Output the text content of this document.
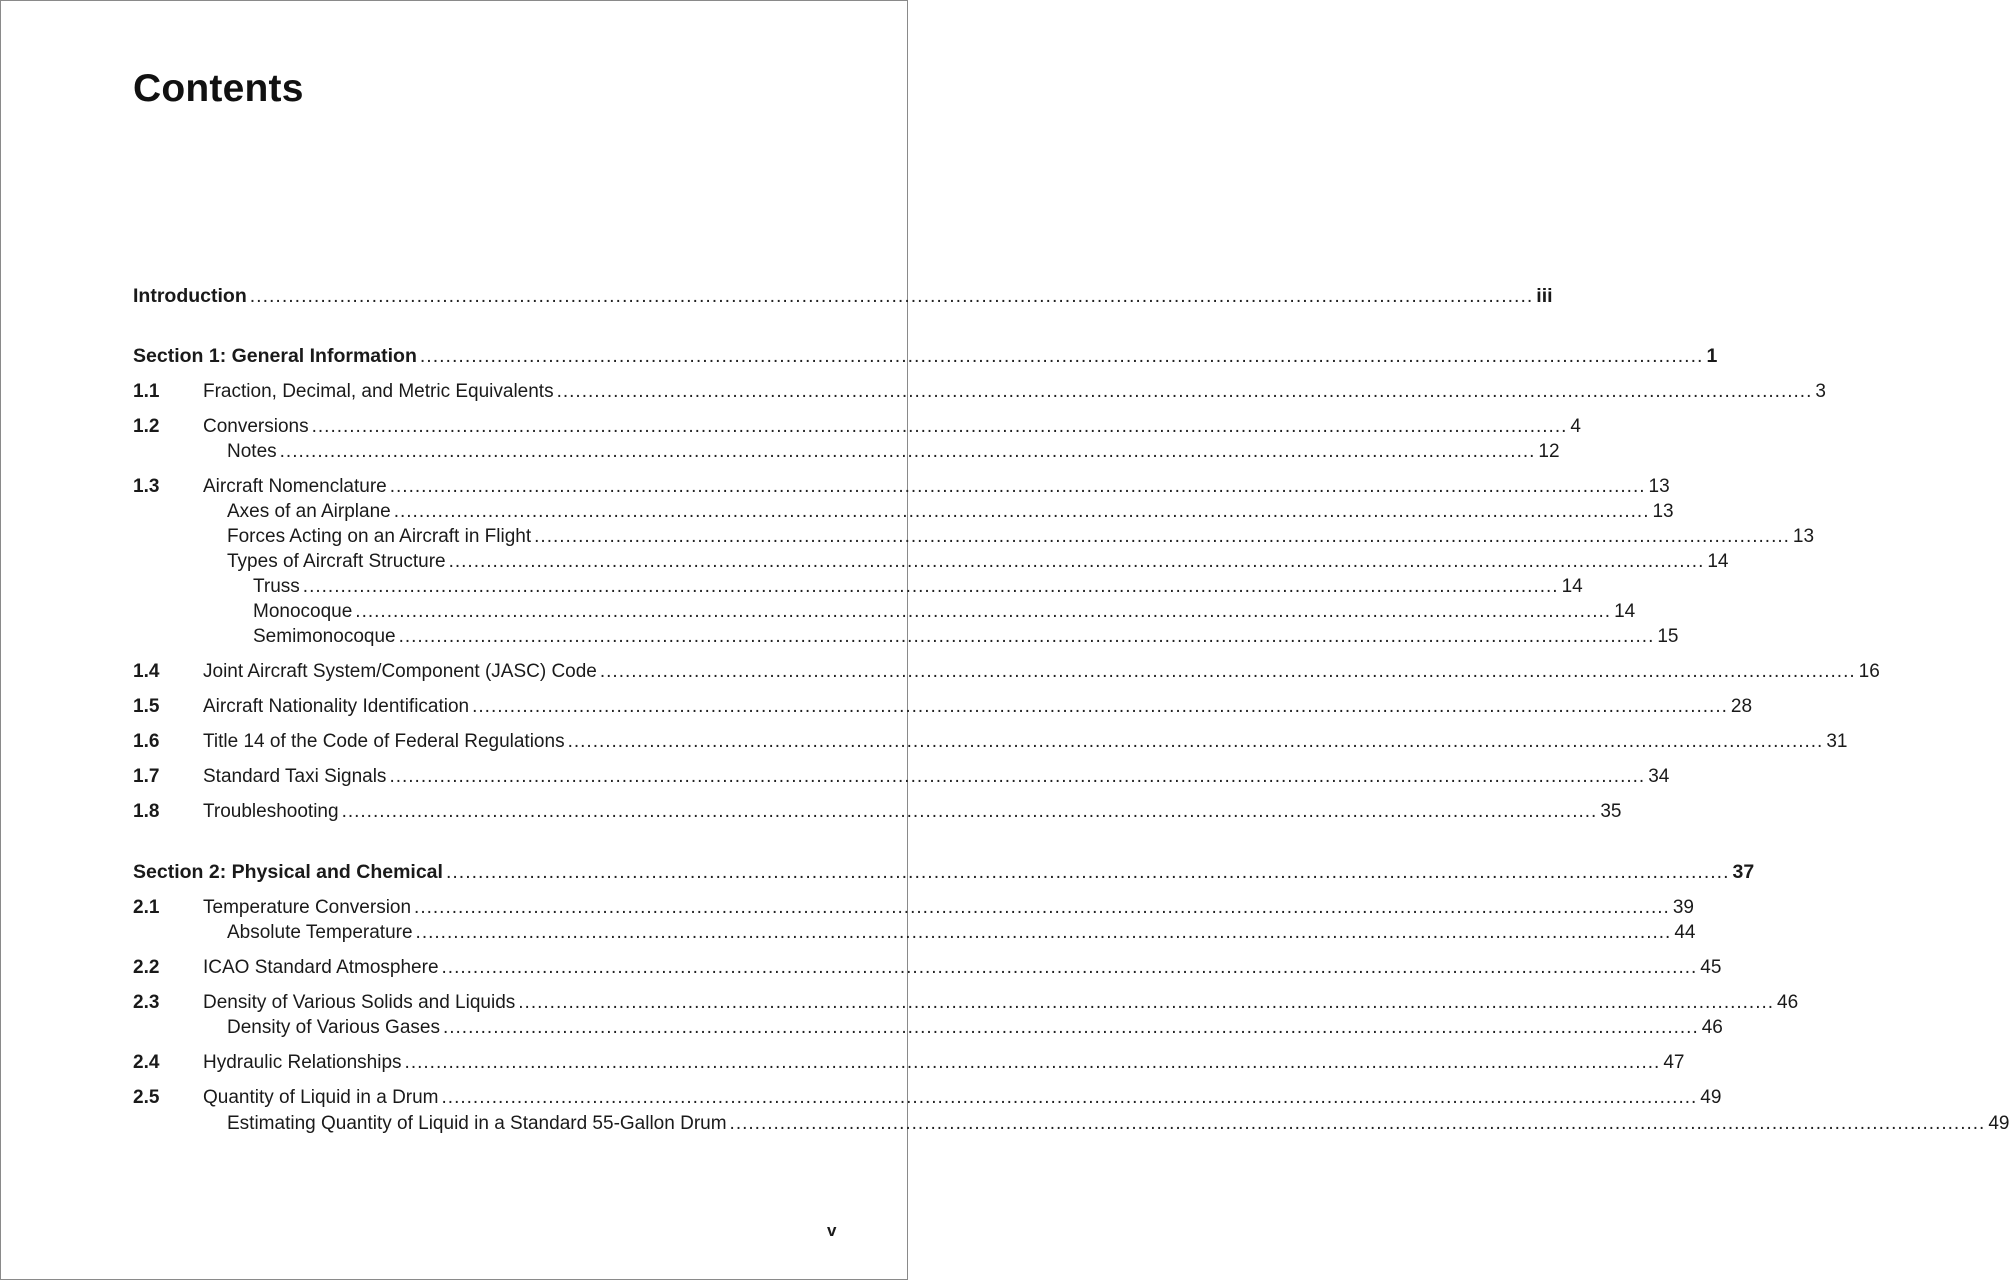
Contents
Introduction ........................................................................................................................................................................................................ iii
Section 1: General Information ........................................................................................................................................................................................................ 1
1.1	Fraction, Decimal, and Metric Equivalents ........................................................................................................................................................................................................ 3
1.2	Conversions ........................................................................................................................................................................................................ 4
Notes ........................................................................................................................................................................................................ 12
1.3	Aircraft Nomenclature ........................................................................................................................................................................................................ 13
Axes of an Airplane ........................................................................................................................................................................................................ 13
Forces Acting on an Aircraft in Flight ........................................................................................................................................................................................................ 13
Types of Aircraft Structure ........................................................................................................................................................................................................ 14
Truss ........................................................................................................................................................................................................ 14
Monocoque ........................................................................................................................................................................................................ 14
Semimonocoque ........................................................................................................................................................................................................ 15
1.4	Joint Aircraft System/Component (JASC) Code ........................................................................................................................................................................................................ 16
1.5	Aircraft Nationality Identification ........................................................................................................................................................................................................ 28
1.6	Title 14 of the Code of Federal Regulations ........................................................................................................................................................................................................ 31
1.7	Standard Taxi Signals ........................................................................................................................................................................................................ 34
1.8	Troubleshooting ........................................................................................................................................................................................................ 35
Section 2: Physical and Chemical ........................................................................................................................................................................................................ 37
2.1	Temperature Conversion ........................................................................................................................................................................................................ 39
Absolute Temperature ........................................................................................................................................................................................................ 44
2.2	ICAO Standard Atmosphere ........................................................................................................................................................................................................ 45
2.3	Density of Various Solids and Liquids ........................................................................................................................................................................................................ 46
Density of Various Gases ........................................................................................................................................................................................................ 46
2.4	Hydraulic Relationships ........................................................................................................................................................................................................ 47
2.5	Quantity of Liquid in a Drum ........................................................................................................................................................................................................ 49
Estimating Quantity of Liquid in a Standard 55-Gallon Drum ........................................................................................................................................................................................................ 49
v
